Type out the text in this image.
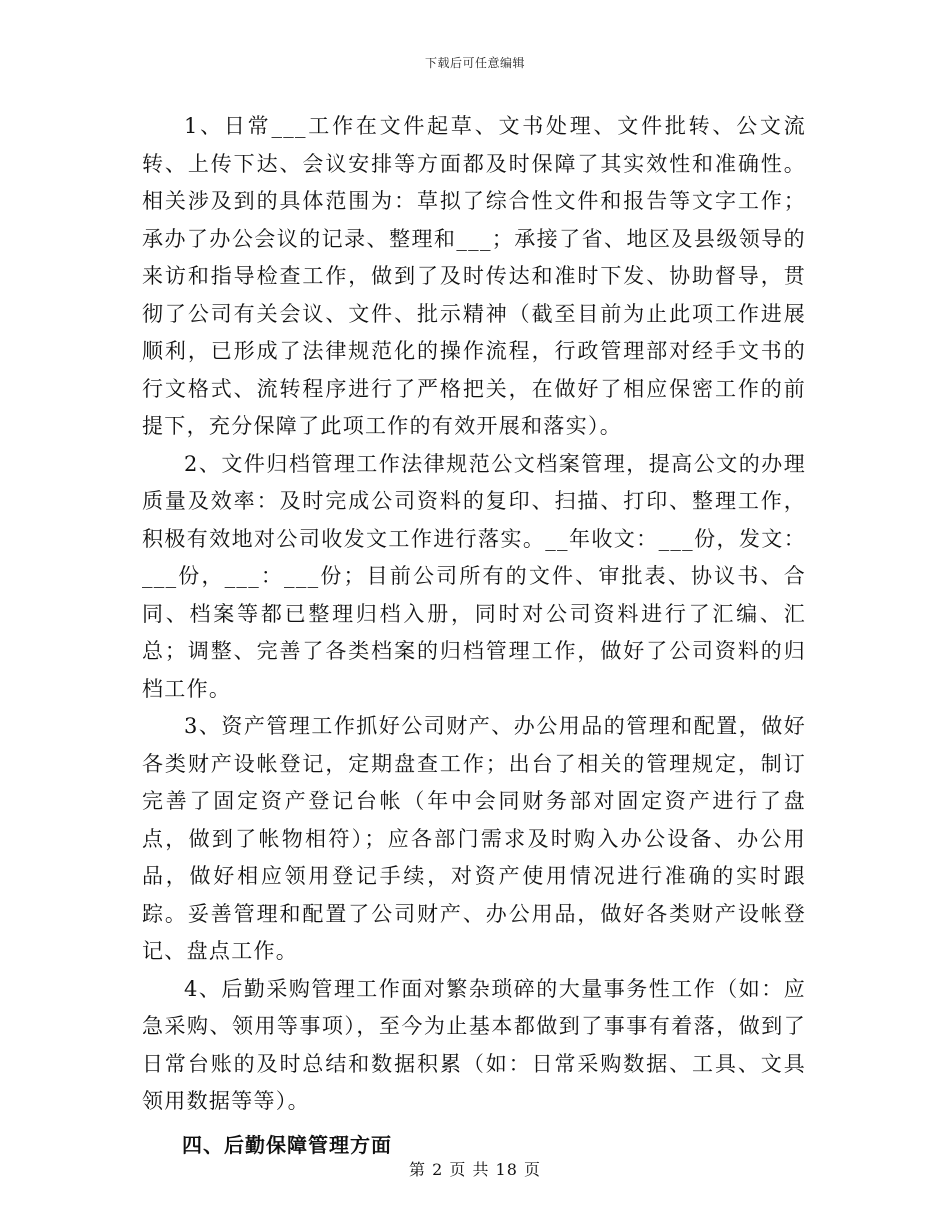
下载后可任意编辑

1、日常___工作在文件起草、文书处理、文件批转、公文流转、上传下达、会议安排等方面都及时保障了其实效性和准确性。相关涉及到的具体范围为：草拟了综合性文件和报告等文字工作；承办了办公会议的记录、整理和___；承接了省、地区及县级领导的来访和指导检查工作，做到了及时传达和准时下发、协助督导，贯彻了公司有关会议、文件、批示精神（截至目前为止此项工作进展顺利，已形成了法律规范化的操作流程，行政管理部对经手文书的行文格式、流转程序进行了严格把关，在做好了相应保密工作的前提下，充分保障了此项工作的有效开展和落实）。

2、文件归档管理工作法律规范公文档案管理，提高公文的办理质量及效率：及时完成公司资料的复印、扫描、打印、整理工作，积极有效地对公司收发文工作进行落实。__年收文：___份，发文：___份，___：___份；目前公司所有的文件、审批表、协议书、合同、档案等都已整理归档入册，同时对公司资料进行了汇编、汇总；调整、完善了各类档案的归档管理工作，做好了公司资料的归档工作。

3、资产管理工作抓好公司财产、办公用品的管理和配置，做好各类财产设帐登记，定期盘查工作；出台了相关的管理规定，制订完善了固定资产登记台帐（年中会同财务部对固定资产进行了盘点，做到了帐物相符）；应各部门需求及时购入办公设备、办公用品，做好相应领用登记手续，对资产使用情况进行准确的实时跟踪。妥善管理和配置了公司财产、办公用品，做好各类财产设帐登记、盘点工作。

4、后勤采购管理工作面对繁杂琐碎的大量事务性工作（如：应急采购、领用等事项），至今为止基本都做到了事事有着落，做到了日常台账的及时总结和数据积累（如：日常采购数据、工具、文具领用数据等等）。

四、后勤保障管理方面

第 2 页 共 18 页
